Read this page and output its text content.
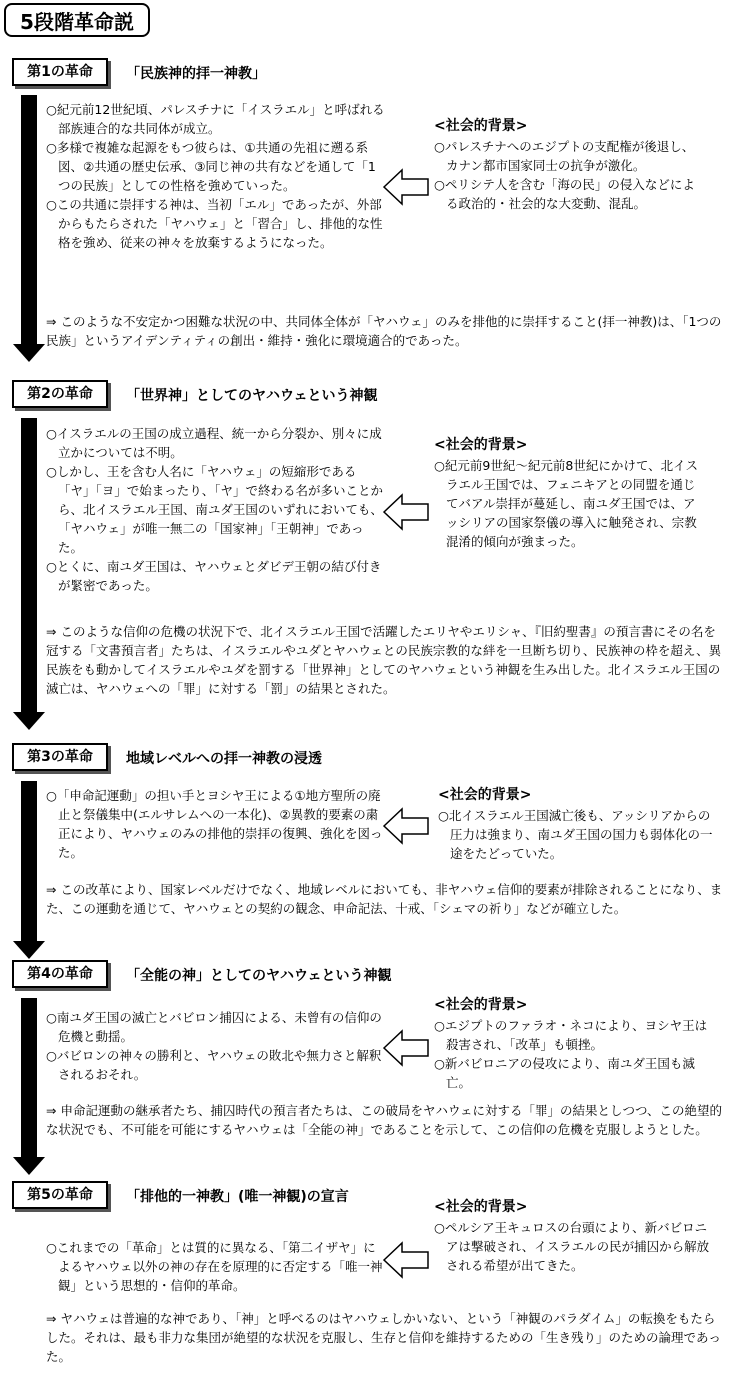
5段階革命説
第1の革命	「民族神的拝一神教」

○紀元前12世紀頃、パレスチナに「イスラエル」と呼ばれる部族連合的な共同体が成立。

○多様で複雑な起源をもつ彼らは、①共通の先祖に遡る系図、②共通の歴史伝承、③同じ神の共有などを通して「1つの民族」としての性格を強めていった。

○この共通に崇拝する神は、当初「エル」であったが、外部からもたらされた「ヤハウェ」と「習合」し、排他的な性格を強め、従来の神々を放棄するようになった。

<社会的背景>

○パレスチナへのエジプトの支配権が後退し、カナン都市国家同士の抗争が激化。

○ペリシテ人を含む「海の民」の侵入などによる政治的・社会的な大変動、混乱。

⇒ このような不安定かつ困難な状況の中、共同体全体が「ヤハウェ」のみを排他的に崇拝すること(拝一神教)は、「1つの民族」というアイデンティティの創出・維持・強化に環境適合的であった。
第2の革命	「世界神」としてのヤハウェという神観

○イスラエルの王国の成立過程、統一から分裂か、別々に成立かについては不明。

○しかし、王を含む人名に「ヤハウェ」の短縮形である「ヤ」「ヨ」で始まったり、「ヤ」で終わる名が多いことから、北イスラエル王国、南ユダ王国のいずれにおいても、「ヤハウェ」が唯一無二の「国家神」「王朝神」であった。

○とくに、南ユダ王国は、ヤハウェとダビデ王朝の結び付きが緊密であった。

<社会的背景>

○紀元前9世紀～紀元前8世紀にかけて、北イスラエル王国では、フェニキアとの同盟を通じてバアル崇拝が蔓延し、南ユダ王国では、アッシリアの国家祭儀の導入に触発され、宗教混淆的傾向が強まった。

⇒ このような信仰の危機の状況下で、北イスラエル王国で活躍したエリヤやエリシャ、『旧約聖書』の預言書にその名を冠する「文書預言者」たちは、イスラエルやユダとヤハウェとの民族宗教的な絆を一旦断ち切り、民族神の枠を超え、異民族をも動かしてイスラエルやユダを罰する「世界神」としてのヤハウェという神観を生み出した。北イスラエル王国の滅亡は、ヤハウェへの「罪」に対する「罰」の結果とされた。
第3の革命	地域レベルへの拝一神教の浸透

○「申命記運動」の担い手とヨシヤ王による①地方聖所の廃止と祭儀集中(エルサレムへの一本化)、②異教的要素の粛正により、ヤハウェのみの排他的崇拝の復興、強化を図った。

<社会的背景>

○北イスラエル王国滅亡後も、アッシリアからの圧力は強まり、南ユダ王国の国力も弱体化の一途をたどっていた。

⇒ この改革により、国家レベルだけでなく、地域レベルにおいても、非ヤハウェ信仰的要素が排除されることになり、また、この運動を通じて、ヤハウェとの契約の観念、申命記法、十戒、「シェマの祈り」などが確立した。
第4の革命	「全能の神」としてのヤハウェという神観

○南ユダ王国の滅亡とバビロン捕囚による、未曾有の信仰の危機と動揺。

○バビロンの神々の勝利と、ヤハウェの敗北や無力さと解釈されるおそれ。

<社会的背景>

○エジプトのファラオ・ネコにより、ヨシヤ王は殺害され、「改革」も頓挫。

○新バビロニアの侵攻により、南ユダ王国も滅亡。

⇒ 申命記運動の継承者たち、捕囚時代の預言者たちは、この破局をヤハウェに対する「罪」の結果としつつ、この絶望的な状況でも、不可能を可能にするヤハウェは「全能の神」であることを示して、この信仰の危機を克服しようとした。
第5の革命	「排他的一神教」(唯一神観)の宣言

○これまでの「革命」とは質的に異なる、「第二イザヤ」によるヤハウェ以外の神の存在を原理的に否定する「唯一神観」という思想的・信仰的革命。

<社会的背景>

○ペルシア王キュロスの台頭により、新バビロニアは撃破され、イスラエルの民が捕囚から解放される希望が出てきた。

⇒ ヤハウェは普遍的な神であり、「神」と呼べるのはヤハウェしかいない、という「神観のパラダイム」の転換をもたらした。それは、最も非力な集団が絶望的な状況を克服し、生存と信仰を維持するための「生き残り」のための論理であった。
